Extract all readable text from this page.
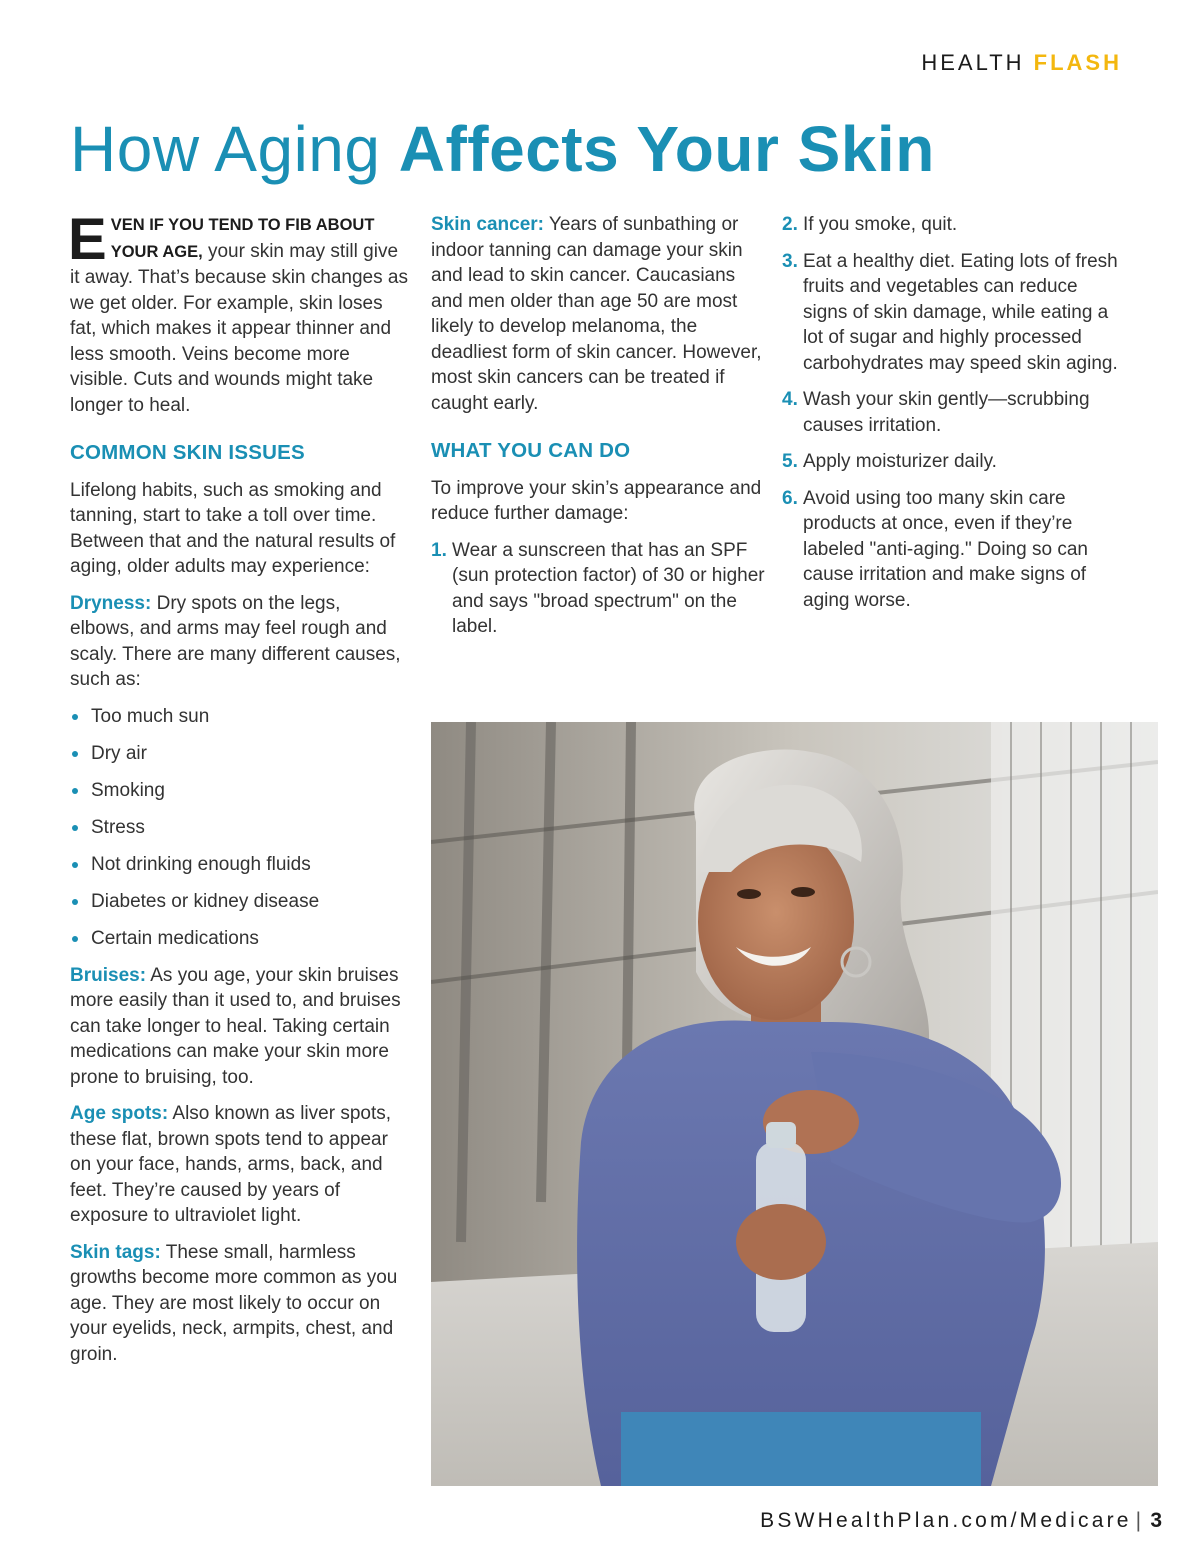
HEALTH FLASH
How Aging Affects Your Skin

EVEN IF YOU TEND TO FIB ABOUT YOUR AGE, your skin may still give it away. That’s because skin changes as we get older. For example, skin loses fat, which makes it appear thinner and less smooth. Veins become more visible. Cuts and wounds might take longer to heal.

COMMON SKIN ISSUES

Lifelong habits, such as smoking and tanning, start to take a toll over time. Between that and the natural results of aging, older adults may experience:

Dryness: Dry spots on the legs, elbows, and arms may feel rough and scaly. There are many different causes, such as:

Too much sun
Dry air
Smoking
Stress
Not drinking enough fluids
Diabetes or kidney disease
Certain medications

Bruises: As you age, your skin bruises more easily than it used to, and bruises can take longer to heal. Taking certain medications can make your skin more prone to bruising, too.

Age spots: Also known as liver spots, these flat, brown spots tend to appear on your face, hands, arms, back, and feet. They’re caused by years of exposure to ultraviolet light.

Skin tags: These small, harmless growths become more common as you age. They are most likely to occur on your eyelids, neck, armpits, chest, and groin.

Skin cancer: Years of sunbathing or indoor tanning can damage your skin and lead to skin cancer. Caucasians and men older than age 50 are most likely to develop melanoma, the deadliest form of skin cancer. However, most skin cancers can be treated if caught early.

WHAT YOU CAN DO

To improve your skin’s appearance and reduce further damage:

1. Wear a sunscreen that has an SPF (sun protection factor) of 30 or higher and says "broad spectrum" on the label.
2. If you smoke, quit.
3. Eat a healthy diet. Eating lots of fresh fruits and vegetables can reduce signs of skin damage, while eating a lot of sugar and highly processed carbohydrates may speed skin aging.
4. Wash your skin gently—scrubbing causes irritation.
5. Apply moisturizer daily.
6. Avoid using too many skin care products at once, even if they’re labeled "anti-aging." Doing so can cause irritation and make signs of aging worse.
BSWHealthPlan.com/Medicare | 3
